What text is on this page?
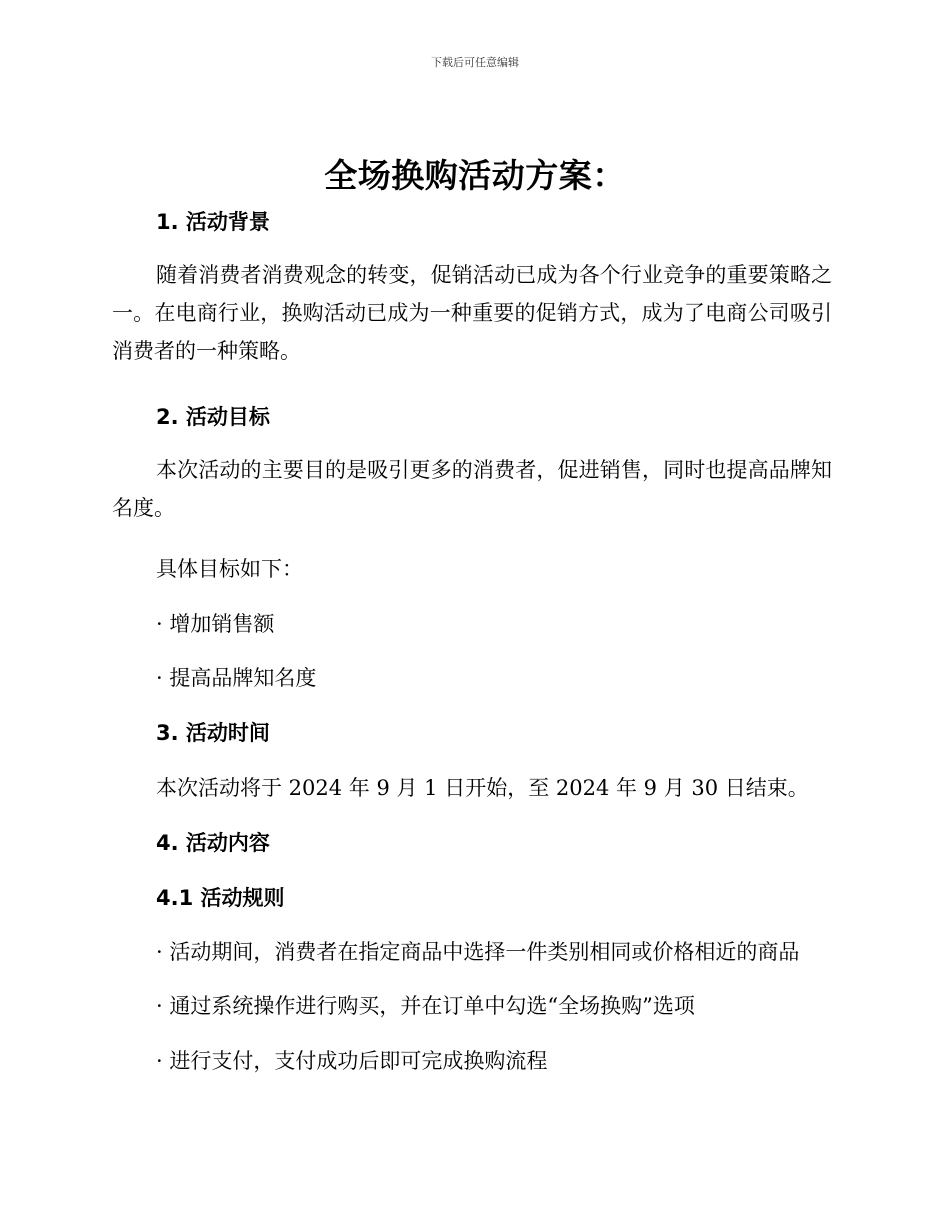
下载后可任意编辑
全场换购活动方案：
1. 活动背景
随着消费者消费观念的转变，促销活动已成为各个行业竞争的重要策略之一。在电商行业，换购活动已成为一种重要的促销方式，成为了电商公司吸引消费者的一种策略。
2. 活动目标
本次活动的主要目的是吸引更多的消费者，促进销售，同时也提高品牌知名度。
具体目标如下：
· 增加销售额
· 提高品牌知名度
3. 活动时间
本次活动将于 2024 年 9 月 1 日开始，至 2024 年 9 月 30 日结束。
4. 活动内容
4.1 活动规则
· 活动期间，消费者在指定商品中选择一件类别相同或价格相近的商品
· 通过系统操作进行购买，并在订单中勾选“全场换购”选项
· 进行支付，支付成功后即可完成换购流程
